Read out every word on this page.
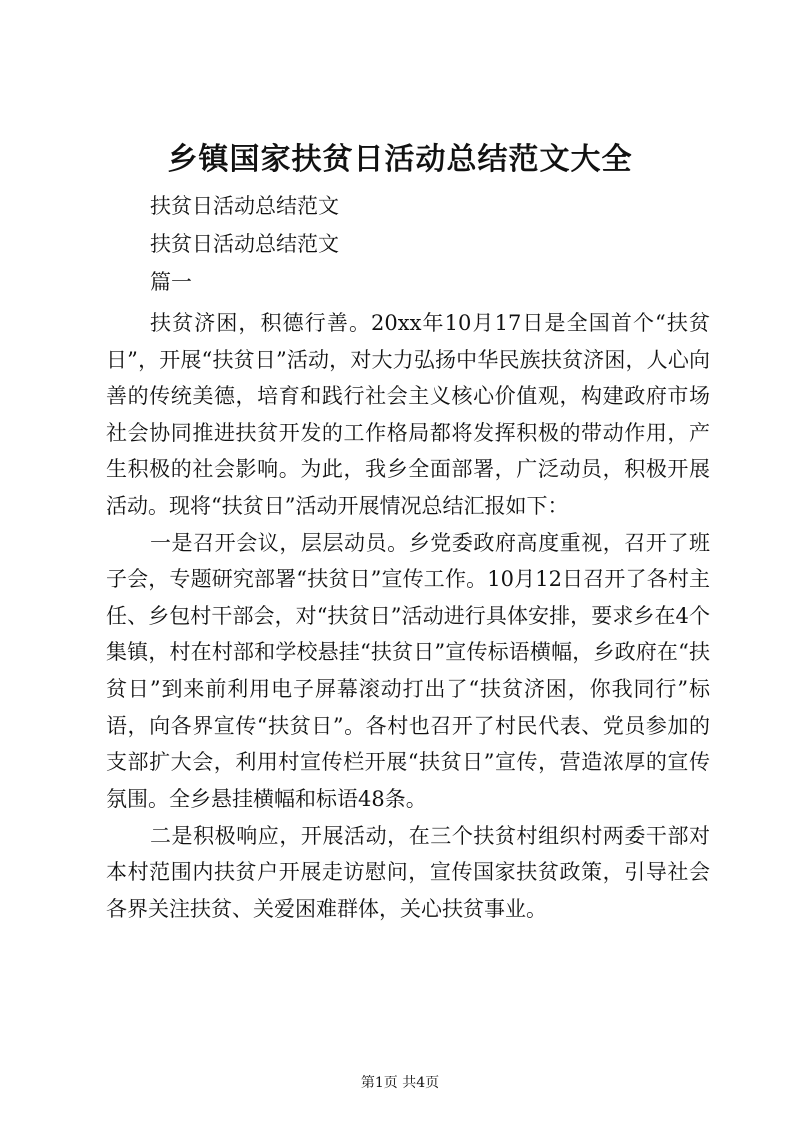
乡镇国家扶贫日活动总结范文大全

扶贫日活动总结范文

扶贫日活动总结范文

篇一

扶贫济困，积德行善。20xx年10月17日是全国首个“扶贫日”，开展“扶贫日”活动，对大力弘扬中华民族扶贫济困，人心向善的传统美德，培育和践行社会主义核心价值观，构建政府市场社会协同推进扶贫开发的工作格局都将发挥积极的带动作用，产生积极的社会影响。为此，我乡全面部署，广泛动员，积极开展活动。现将“扶贫日”活动开展情况总结汇报如下：

一是召开会议，层层动员。乡党委政府高度重视，召开了班子会，专题研究部署“扶贫日”宣传工作。10月12日召开了各村主任、乡包村干部会，对“扶贫日”活动进行具体安排，要求乡在4个集镇，村在村部和学校悬挂“扶贫日”宣传标语横幅，乡政府在“扶贫日”到来前利用电子屏幕滚动打出了“扶贫济困，你我同行”标语，向各界宣传“扶贫日”。各村也召开了村民代表、党员参加的支部扩大会，利用村宣传栏开展“扶贫日”宣传，营造浓厚的宣传氛围。全乡悬挂横幅和标语48条。

二是积极响应，开展活动，在三个扶贫村组织村两委干部对本村范围内扶贫户开展走访慰问，宣传国家扶贫政策，引导社会各界关注扶贫、关爱困难群体，关心扶贫事业。

第1页 共4页
